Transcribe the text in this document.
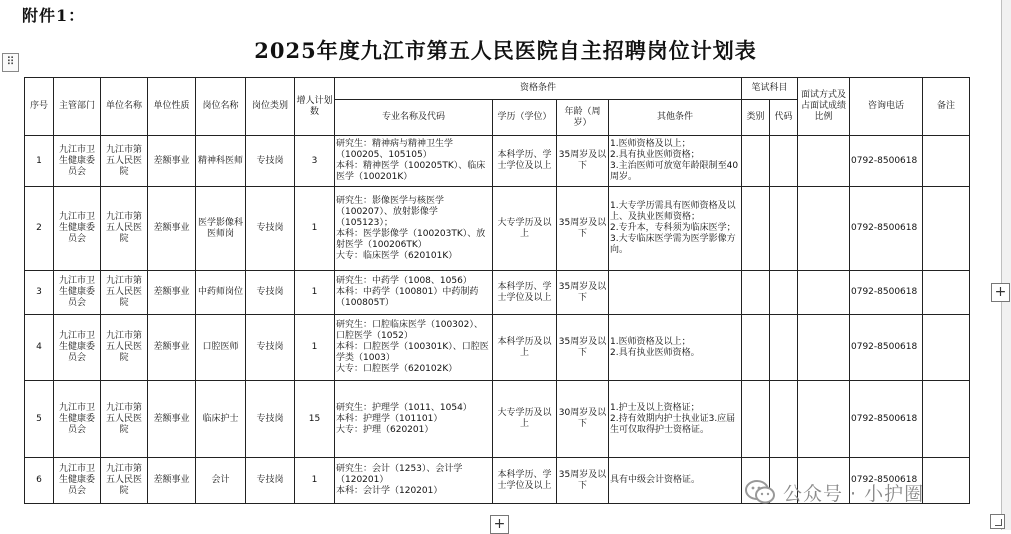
附件1：
2025年度九江市第五人民医院自主招聘岗位计划表
⠿
序号	主管部门	单位名称	单位性质	岗位名称	岗位类别	增人计划数	资格条件				笔试科目		面试方式及占面试成绩比例	咨询电话	备注
							专业名称及代码	学历（学位）	年龄（周岁）	其他条件	类别	代码			
1	九江市卫生健康委员会	九江市第五人民医院	差额事业	精神科医师	专技岗	3	研究生：精神病与精神卫生学（100205、105105）
本科：精神医学（100205TK）、临床医学（100201K）	本科学历、学士学位及以上	35周岁及以下	1.医师资格及以上；
2.具有执业医师资格；
3.主治医师可放宽年龄限制至40周岁。				0792-8500618	
2	九江市卫生健康委员会	九江市第五人民医院	差额事业	医学影像科医师岗	专技岗	1	研究生：影像医学与核医学（100207）、放射影像学（105123）；
本科：医学影像学（100203TK）、放射医学（100206TK）
大专：临床医学（620101K）	大专学历及以上	35周岁及以下	1.大专学历需具有医师资格及以上、及执业医师资格；
2.专升本，专科须为临床医学；
3.大专临床医学需为医学影像方向。				0792-8500618	
3	九江市卫生健康委员会	九江市第五人民医院	差额事业	中药师岗位	专技岗	1	研究生：中药学（1008、1056）
本科：中药学（100801）中药制药（100805T）	本科学历、学士学位及以上	35周岁及以下					0792-8500618	
4	九江市卫生健康委员会	九江市第五人民医院	差额事业	口腔医师	专技岗	1	研究生：口腔临床医学（100302）、口腔医学（1052）
本科：口腔医学（100301K）、口腔医学类（1003）
大专：口腔医学（620102K）	本科学历及以上	35周岁及以下	1.医师资格及以上；
2.具有执业医师资格。				0792-8500618	
5	九江市卫生健康委员会	九江市第五人民医院	差额事业	临床护士	专技岗	15	研究生：护理学（1011、1054）
本科：护理学（101101）
大专：护理（620201）	大专学历及以上	30周岁及以下	1.护士及以上资格证；
2.持有效期内护士执业证3.应届生可仅取得护士资格证。				0792-8500618	
6	九江市卫生健康委员会	九江市第五人民医院	差额事业	会计	专技岗	1	研究生：会计（1253）、会计学（120201）
本科：会计学（120201）	本科学历、学士学位及以上	35周岁及以下	具有中级会计资格证。				0792-8500618	
+
+
公众号 · 小护圈
